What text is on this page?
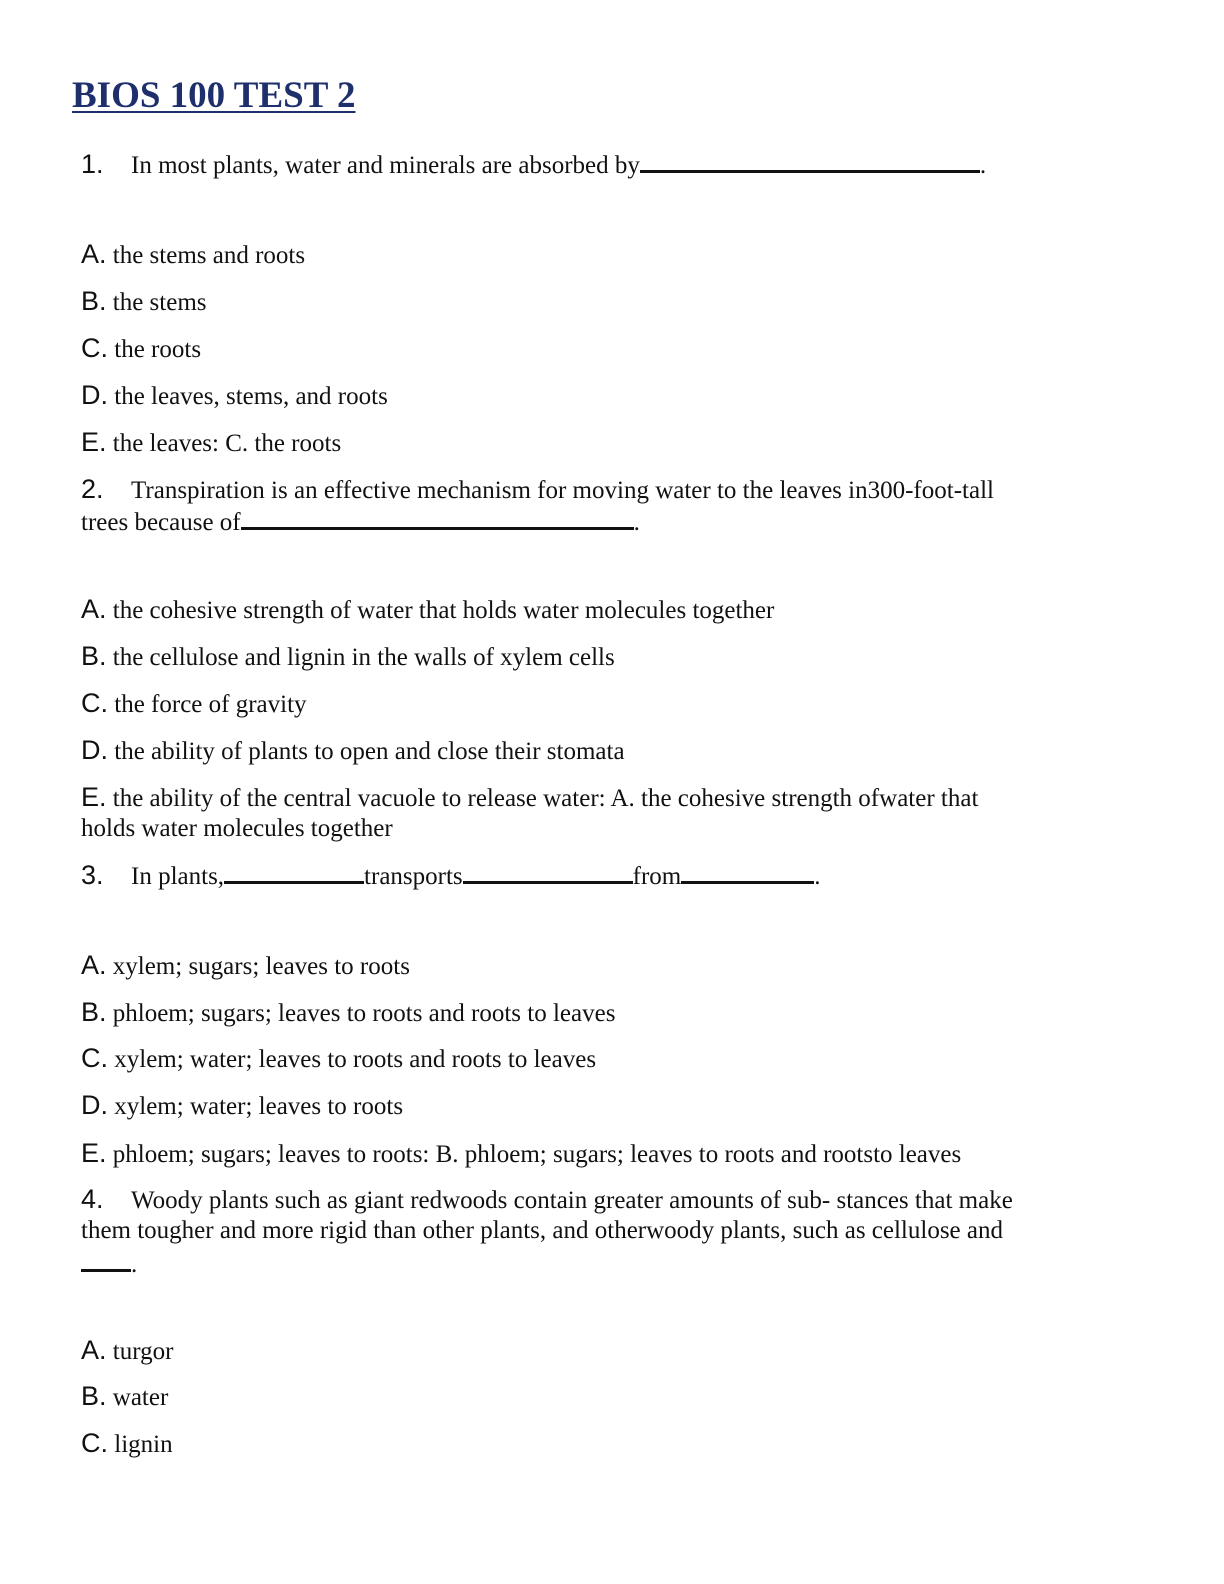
BIOS 100 TEST 2
1. In most plants, water and minerals are absorbed by	.
A. the stems and roots
B. the stems
C. the roots
D. the leaves, stems, and roots
E. the leaves: C. the roots
2. Transpiration is an effective mechanism for moving water to the leaves in300-foot-tall
trees because of	.
A. the cohesive strength of water that holds water molecules together
B. the cellulose and lignin in the walls of xylem cells
C. the force of gravity
D. the ability of plants to open and close their stomata
E. the ability of the central vacuole to release water: A. the cohesive strength ofwater that
holds water molecules together
3. In plants,	transports	from	.
A. xylem; sugars; leaves to roots
B. phloem; sugars; leaves to roots and roots to leaves
C. xylem; water; leaves to roots and roots to leaves
D. xylem; water; leaves to roots
E. phloem; sugars; leaves to roots: B. phloem; sugars; leaves to roots and rootsto leaves
4. Woody plants such as giant redwoods contain greater amounts of sub- stances that make
them tougher and more rigid than other plants, and otherwoody plants, such as cellulose and
.
A. turgor
B. water
C. lignin
